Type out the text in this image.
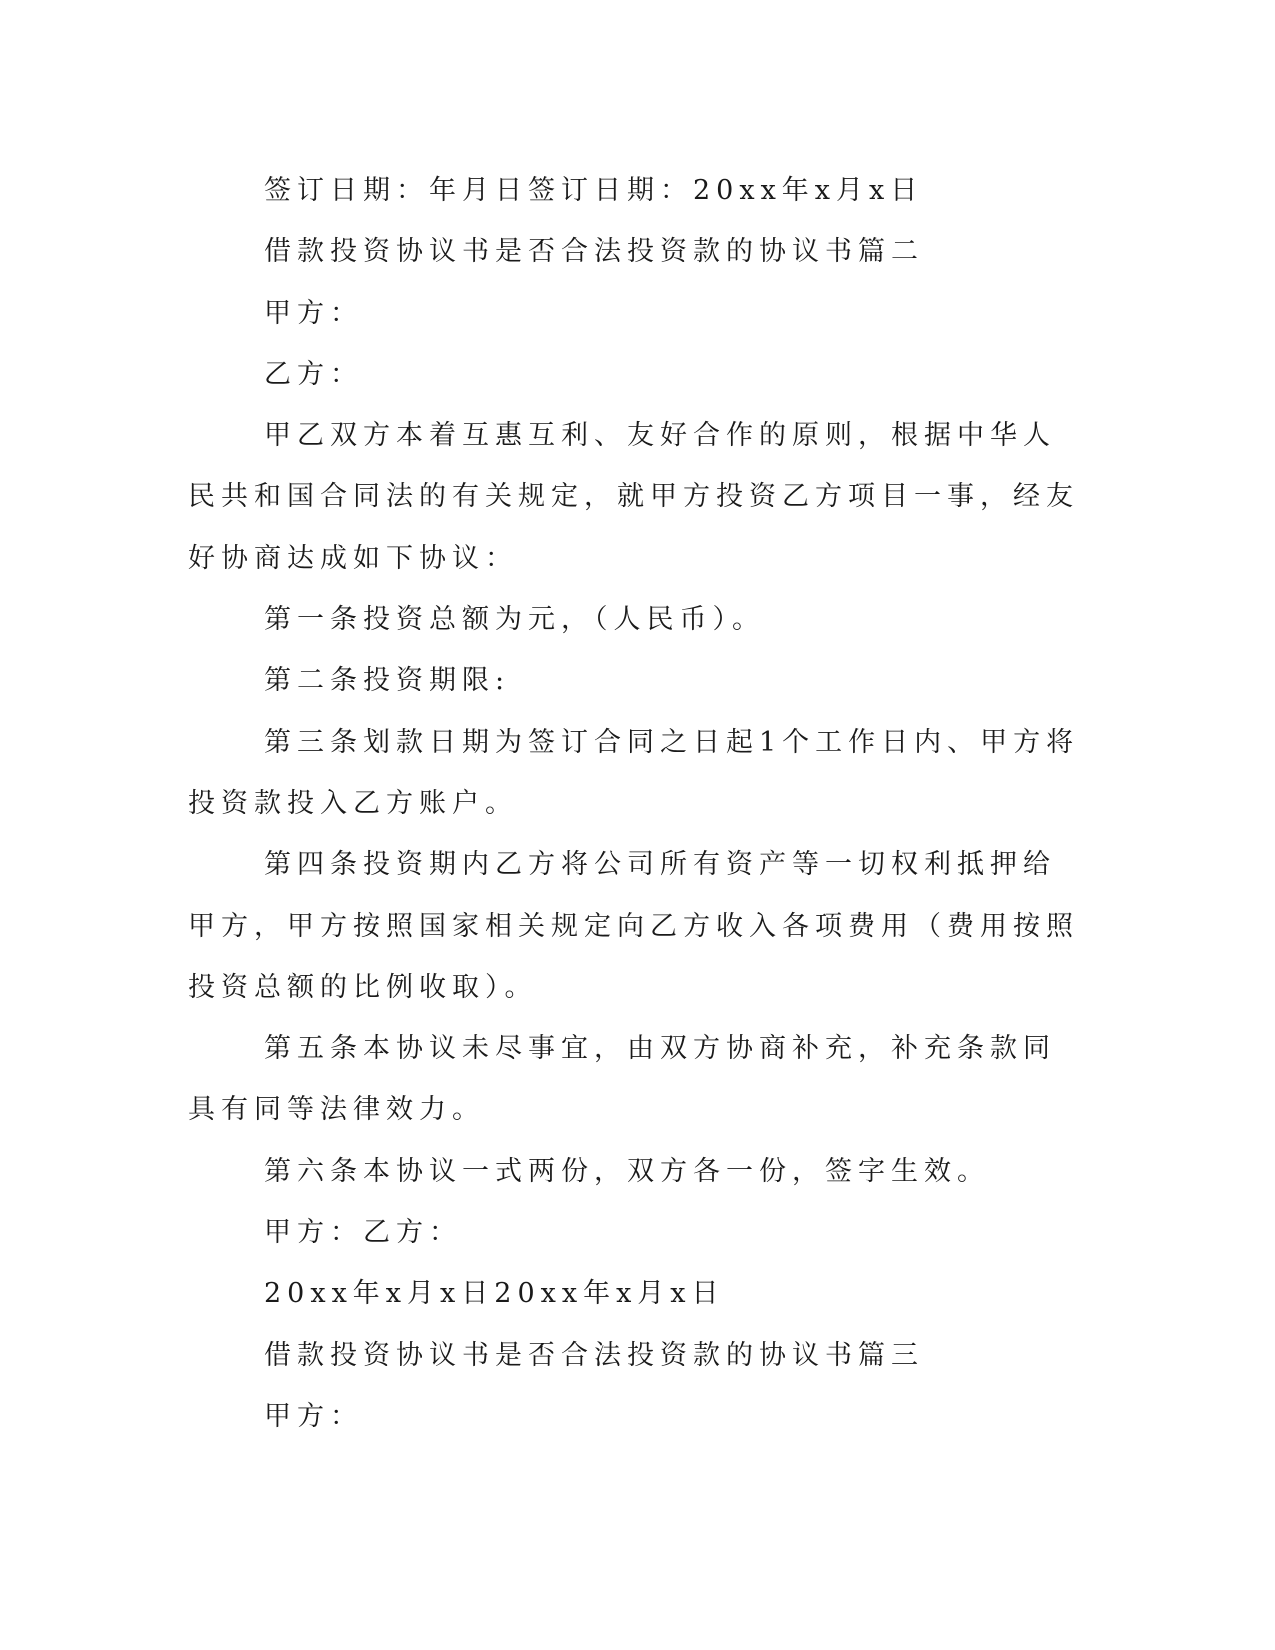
签订日期：年月日签订日期：20xx年x月x日

借款投资协议书是否合法投资款的协议书篇二

甲方：

乙方：

甲乙双方本着互惠互利、友好合作的原则，根据中华人民共和国合同法的有关规定，就甲方投资乙方项目一事，经友好协商达成如下协议：

第一条投资总额为元，（人民币）。

第二条投资期限:

第三条划款日期为签订合同之日起1个工作日内、甲方将投资款投入乙方账户。

第四条投资期内乙方将公司所有资产等一切权利抵押给甲方，甲方按照国家相关规定向乙方收入各项费用（费用按照投资总额的比例收取）。

第五条本协议未尽事宜，由双方协商补充，补充条款同具有同等法律效力。

第六条本协议一式两份，双方各一份，签字生效。

甲方：乙方：

20xx年x月x日20xx年x月x日

借款投资协议书是否合法投资款的协议书篇三

甲方：
